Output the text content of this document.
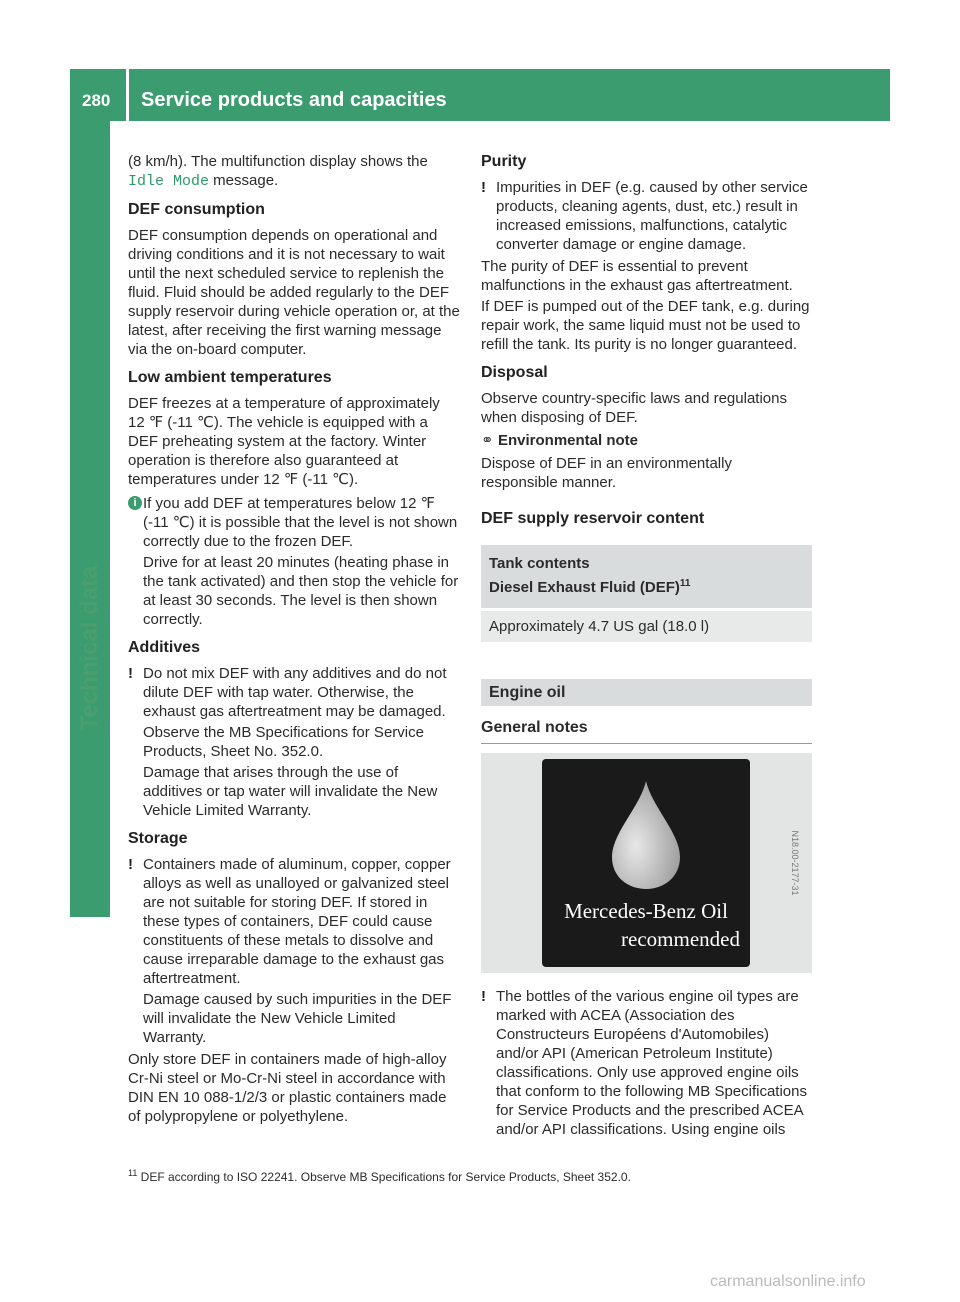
280 Service products and capacities
Technical data

(8 km/h). The multifunction display shows the
Idle Mode message.

DEF consumption

DEF consumption depends on operational and driving conditions and it is not necessary to wait until the next scheduled service to replenish the fluid. Fluid should be added regularly to the DEF supply reservoir during vehicle operation or, at the latest, after receiving the first warning message via the on-board computer.

Low ambient temperatures

DEF freezes at a temperature of approximately 12 ℉ (‑11 ℃). The vehicle is equipped with a DEF preheating system at the factory. Winter operation is therefore also guaranteed at temperatures under 12 ℉ (‑11 ℃).

i If you add DEF at temperatures below 12 ℉ (‑11 ℃) it is possible that the level is not shown correctly due to the frozen DEF.

Drive for at least 20 minutes (heating phase in the tank activated) and then stop the vehicle for at least 30 seconds. The level is then shown correctly.

Additives
! Do not mix DEF with any additives and do not dilute DEF with tap water. Otherwise, the exhaust gas aftertreatment may be damaged.

Observe the MB Specifications for Service Products, Sheet No. 352.0.

Damage that arises through the use of additives or tap water will invalidate the New Vehicle Limited Warranty.

Storage
! Containers made of aluminum, copper, copper alloys as well as unalloyed or galvanized steel are not suitable for storing DEF. If stored in these types of containers, DEF could cause constituents of these metals to dissolve and cause irreparable damage to the exhaust gas aftertreatment.

Damage caused by such impurities in the DEF will invalidate the New Vehicle Limited Warranty.

Only store DEF in containers made of high-alloy Cr-Ni steel or Mo-Cr-Ni steel in accordance with DIN EN 10 088-1/2/3 or plastic containers made of polypropylene or polyethylene.

Purity
! Impurities in DEF (e.g. caused by other service products, cleaning agents, dust, etc.) result in increased emissions, malfunctions, catalytic converter damage or engine damage.

The purity of DEF is essential to prevent malfunctions in the exhaust gas aftertreatment.

If DEF is pumped out of the DEF tank, e.g. during repair work, the same liquid must not be used to refill the tank. Its purity is no longer guaranteed.

Disposal

Observe country-specific laws and regulations when disposing of DEF.

⚭ Environmental note

Dispose of DEF in an environmentally responsible manner.

DEF supply reservoir content
Tank contents
Diesel Exhaust Fluid (DEF)$^{11}$
Approximately 4.7 US gal (18.0 l)
Engine oil
General notes
Mercedes-Benz Oil
recommended
N18.00-2177-31
! The bottles of the various engine oil types are marked with ACEA (Association des Constructeurs Européens d'Automobiles) and/or API (American Petroleum Institute) classifications. Only use approved engine oils that conform to the following MB Specifications for Service Products and the prescribed ACEA and/or API classifications. Using engine oils

$^{11}$ DEF according to ISO 22241. Observe MB Specifications for Service Products, Sheet 352.0.
carmanualsonline.info
